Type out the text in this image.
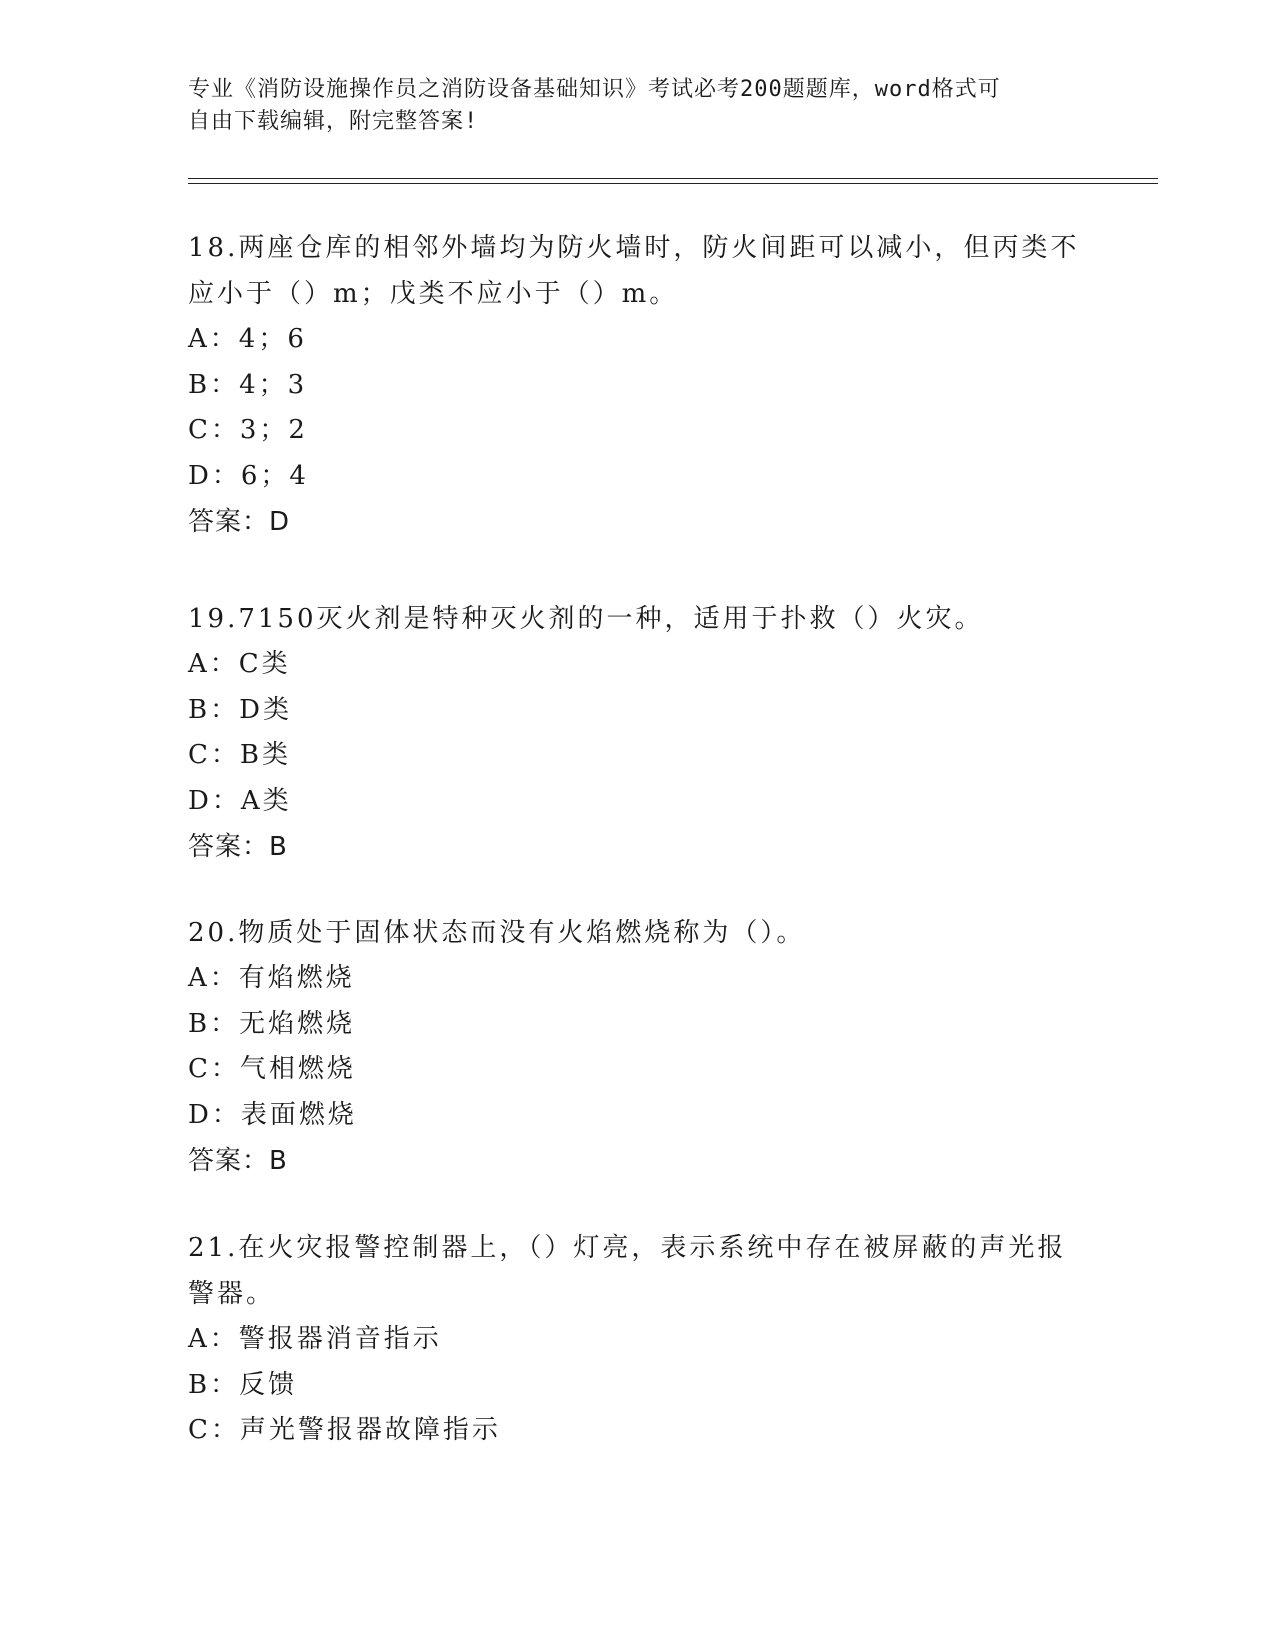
专业《消防设施操作员之消防设备基础知识》考试必考200题题库，word格式可
自由下载编辑，附完整答案!
18.两座仓库的相邻外墙均为防火墙时，防火间距可以减小，但丙类不
应小于（）m；戊类不应小于（）m。
A：4；6
B：4；3
C：3；2
D：6；4
答案：D
19.7150灭火剂是特种灭火剂的一种，适用于扑救（）火灾。
A：C类
B：D类
C：B类
D：A类
答案：B
20.物质处于固体状态而没有火焰燃烧称为（）。
A：有焰燃烧
B：无焰燃烧
C：气相燃烧
D：表面燃烧
答案：B
21.在火灾报警控制器上，（）灯亮，表示系统中存在被屏蔽的声光报
警器。
A：警报器消音指示
B：反馈
C：声光警报器故障指示
